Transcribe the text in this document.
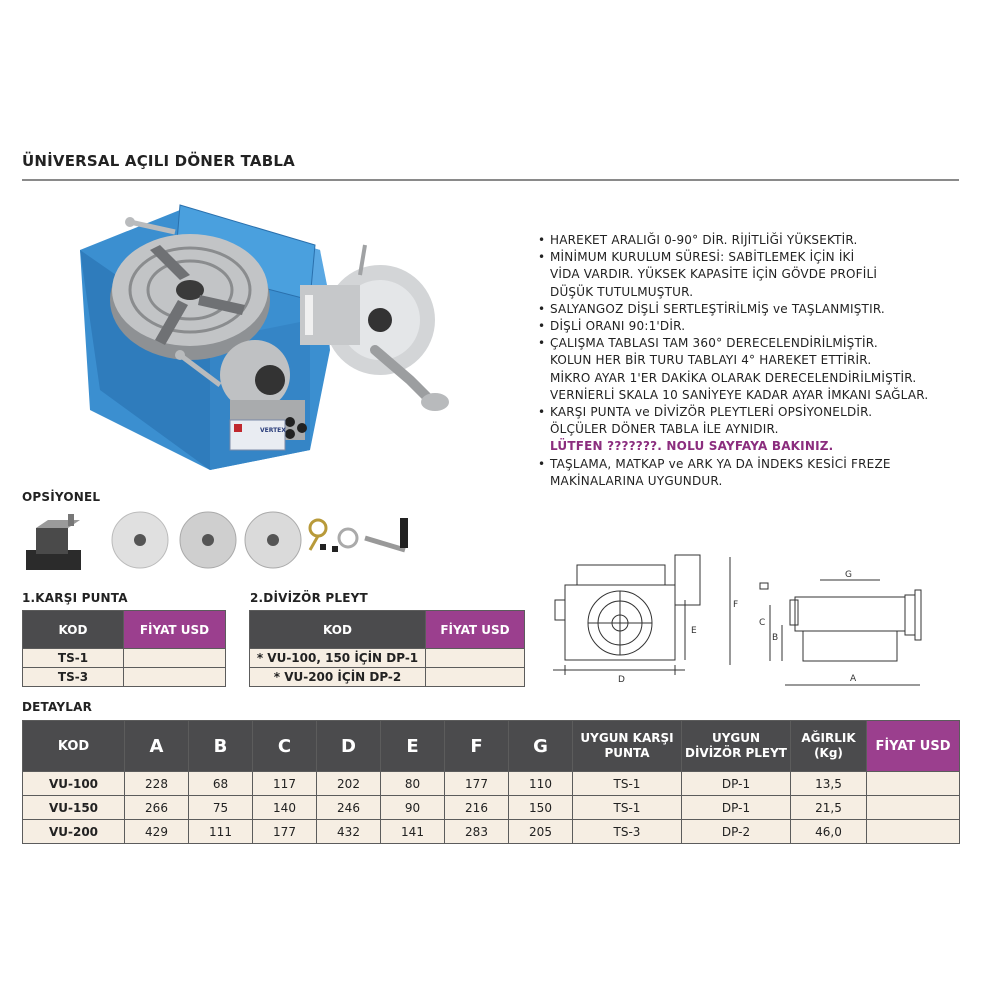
ÜNİVERSAL AÇILI DÖNER TABLA
VERTEX
• HAREKET ARALIĞI 0-90° DİR. RİJİTLİĞİ YÜKSEKTİR.
• MİNİMUM KURULUM SÜRESİ: SABİTLEMEK İÇİN İKİ
VİDA VARDIR. YÜKSEK KAPASİTE İÇİN GÖVDE PROFİLİ
DÜŞÜK TUTULMUŞTUR.
• SALYANGOZ DİŞLİ SERTLEŞTİRİLMİŞ ve TAŞLANMIŞTIR.
• DİŞLİ ORANI 90:1'DİR.
• ÇALIŞMA TABLASI TAM 360° DERECELENDİRİLMİŞTİR.
KOLUN HER BİR TURU TABLAYI 4° HAREKET ETTİRİR.
MİKRO AYAR 1'ER DAKİKA OLARAK DERECELENDİRİLMİŞTİR.
VERNİERLİ SKALA 10 SANİYEYE KADAR AYAR İMKANI SAĞLAR.
• KARŞI PUNTA ve DİVİZÖR PLEYTLERİ OPSİYONELDİR.
ÖLÇÜLER DÖNER TABLA İLE AYNIDIR.
LÜTFEN ???????. NOLU SAYFAYA BAKINIZ.
• TAŞLAMA, MATKAP ve ARK YA DA İNDEKS KESİCİ FREZE
MAKİNALARINA UYGUNDUR.
OPSİYONEL
1.KARŞI PUNTA
KOD	FİYAT USD
TS-1	
TS-3	
2.DİVİZÖR PLEYT
KOD	FİYAT USD
* VU-100, 150 İÇİN DP-1	
* VU-200 İÇİN DP-2		D
E
F
G
A
C
B
DETAYLAR
KOD	A	B	C	D	E	F	G	UYGUN KARŞI PUNTA	UYGUN DİVİZÖR PLEYT	AĞIRLIK (Kg)	FİYAT USD
VU-100	228	68	117	202	80	177	110	TS-1	DP-1	13,5	
VU-150	266	75	140	246	90	216	150	TS-1	DP-1	21,5	
VU-200	429	111	177	432	141	283	205	TS-3	DP-2	46,0	
